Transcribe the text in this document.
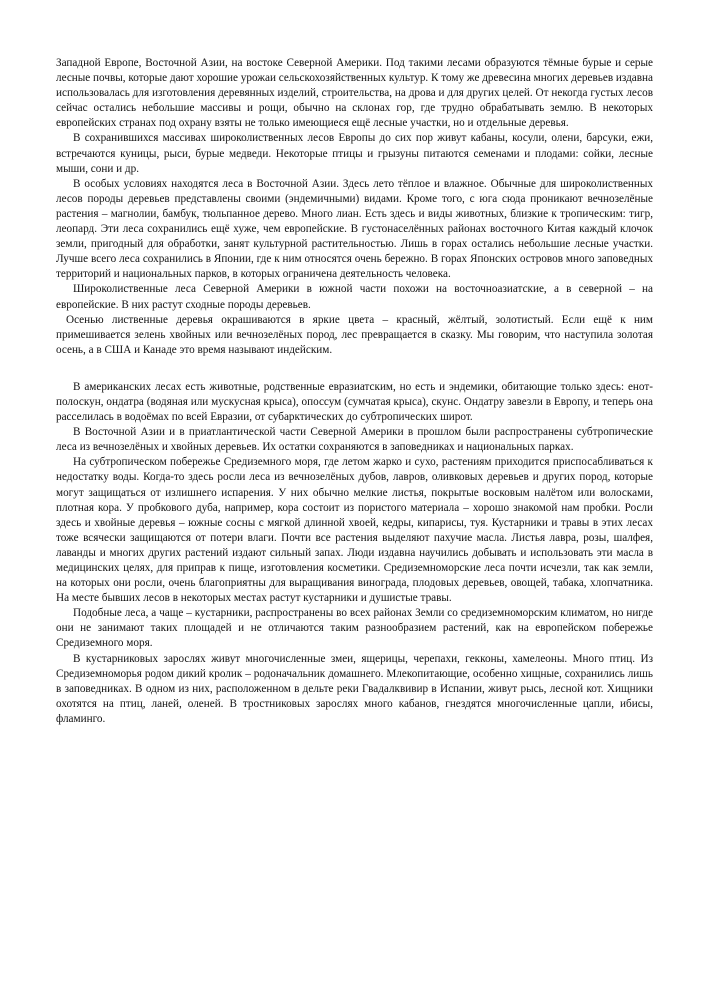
Западной Европе, Восточной Азии, на востоке Северной Америки. Под такими лесами образуются тёмные бурые и серые лесные почвы, которые дают хорошие урожаи сельскохозяйственных культур. К тому же древесина многих деревьев издавна использовалась для изготовления деревянных изделий, строительства, на дрова и для других целей. От некогда густых лесов сейчас остались небольшие массивы и рощи, обычно на склонах гор, где трудно обрабатывать землю. В некоторых европейских странах под охрану взяты не только имеющиеся ещё лесные участки, но и отдельные деревья.

В сохранившихся массивах широколиственных лесов Европы до сих пор живут кабаны, косули, олени, барсуки, ежи, встречаются куницы, рыси, бурые медведи. Некоторые птицы и грызуны питаются семенами и плодами: сойки, лесные мыши, сони и др.

В особых условиях находятся леса в Восточной Азии. Здесь лето тёплое и влажное. Обычные для широколиственных лесов породы деревьев представлены своими (эндемичными) видами. Кроме того, с юга сюда проникают вечнозелёные растения – магнолии, бамбук, тюльпанное дерево. Много лиан. Есть здесь и виды животных, близкие к тропическим: тигр, леопард. Эти леса сохранились ещё хуже, чем европейские. В густонаселённых районах восточного Китая каждый клочок земли, пригодный для обработки, занят культурной растительностью. Лишь в горах остались небольшие лесные участки. Лучше всего леса сохранились в Японии, где к ним относятся очень бережно. В горах Японских островов много заповедных территорий и национальных парков, в которых ограничена деятельность человека.

Широколиственные леса Северной Америки в южной части похожи на восточноазиатские, а в северной – на европейские. В них растут сходные породы деревьев.

Осенью лиственные деревья окрашиваются в яркие цвета – красный, жёлтый, золотистый. Если ещё к ним примешивается зелень хвойных или вечнозелёных пород, лес превращается в сказку. Мы говорим, что наступила золотая осень, а в США и Канаде это время называют индейским.

В американских лесах есть животные, родственные евразиатским, но есть и эндемики, обитающие только здесь: енот-полоскун, ондатра (водяная или мускусная крыса), опоссум (сумчатая крыса), скунс. Ондатру завезли в Европу, и теперь она расселилась в водоёмах по всей Евразии, от субарктических до субтропических широт.

В Восточной Азии и в приатлантической части Северной Америки в прошлом были распространены субтропические леса из вечнозелёных и хвойных деревьев. Их остатки сохраняются в заповедниках и национальных парках.

На субтропическом побережье Средиземного моря, где летом жарко и сухо, растениям приходится приспосабливаться к недостатку воды. Когда-то здесь росли леса из вечнозелёных дубов, лавров, оливковых деревьев и других пород, которые могут защищаться от излишнего испарения. У них обычно мелкие листья, покрытые восковым налётом или волосками, плотная кора. У пробкового дуба, например, кора состоит из пористого материала – хорошо знакомой нам пробки. Росли здесь и хвойные деревья – южные сосны с мягкой длинной хвоей, кедры, кипарисы, туя. Кустарники и травы в этих лесах тоже всячески защищаются от потери влаги. Почти все растения выделяют пахучие масла. Листья лавра, розы, шалфея, лаванды и многих других растений издают сильный запах. Люди издавна научились добывать и использовать эти масла в медицинских целях, для приправ к пище, изготовления косметики. Средиземноморские леса почти исчезли, так как земли, на которых они росли, очень благоприятны для выращивания винограда, плодовых деревьев, овощей, табака, хлопчатника. На месте бывших лесов в некоторых местах растут кустарники и душистые травы.

Подобные леса, а чаще – кустарники, распространены во всех районах Земли со средиземноморским климатом, но нигде они не занимают таких площадей и не отличаются таким разнообразием растений, как на европейском побережье Средиземного моря.

В кустарниковых зарослях живут многочисленные змеи, ящерицы, черепахи, гекконы, хамелеоны. Много птиц. Из Средиземноморья родом дикий кролик – родоначальник домашнего. Млекопитающие, особенно хищные, сохранились лишь в заповедниках. В одном из них, расположенном в дельте реки Гвадалквивир в Испании, живут рысь, лесной кот. Хищники охотятся на птиц, ланей, оленей. В тростниковых зарослях много кабанов, гнездятся многочисленные цапли, ибисы, фламинго.
